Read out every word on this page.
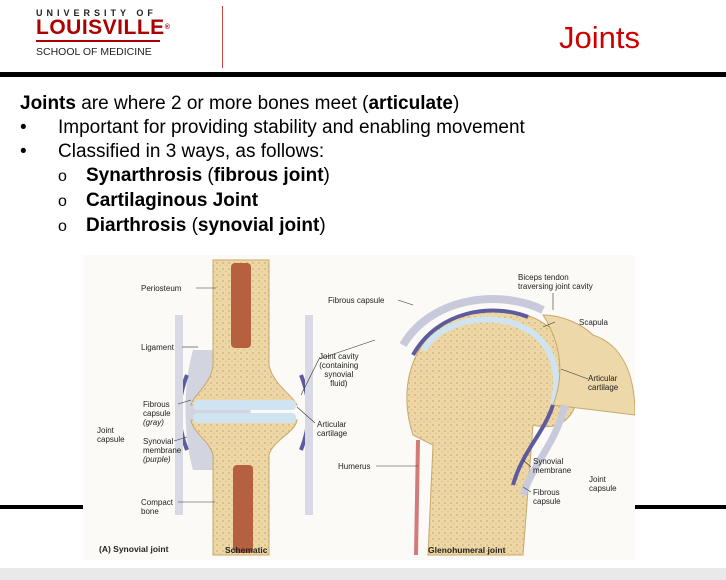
UNIVERSITY OF
LOUISVILLE®
SCHOOL OF MEDICINE	Joints
Joints are where 2 or more bones meet (articulate)
• Important for providing stability and enabling movement
• Classified in 3 ways, as follows:
o Synarthrosis (fibrous joint)
o Cartilaginous Joint
o Diarthrosis (synovial joint)
Periosteum
Ligament
Fibrous
capsule
(gray)
Joint
capsule Synovial
membrane
(purple)
Compact
bone
Fibrous capsule
Joint cavity
(containing
synovial
fluid)
Articular
cartilage
Humerus
Biceps tendon
traversing joint cavity
Scapula
Articular
cartilage
Synovial
membrane
Fibrous
capsule
Joint
capsule
(A) Synovial joint	Schematic	Glenohumeral joint
